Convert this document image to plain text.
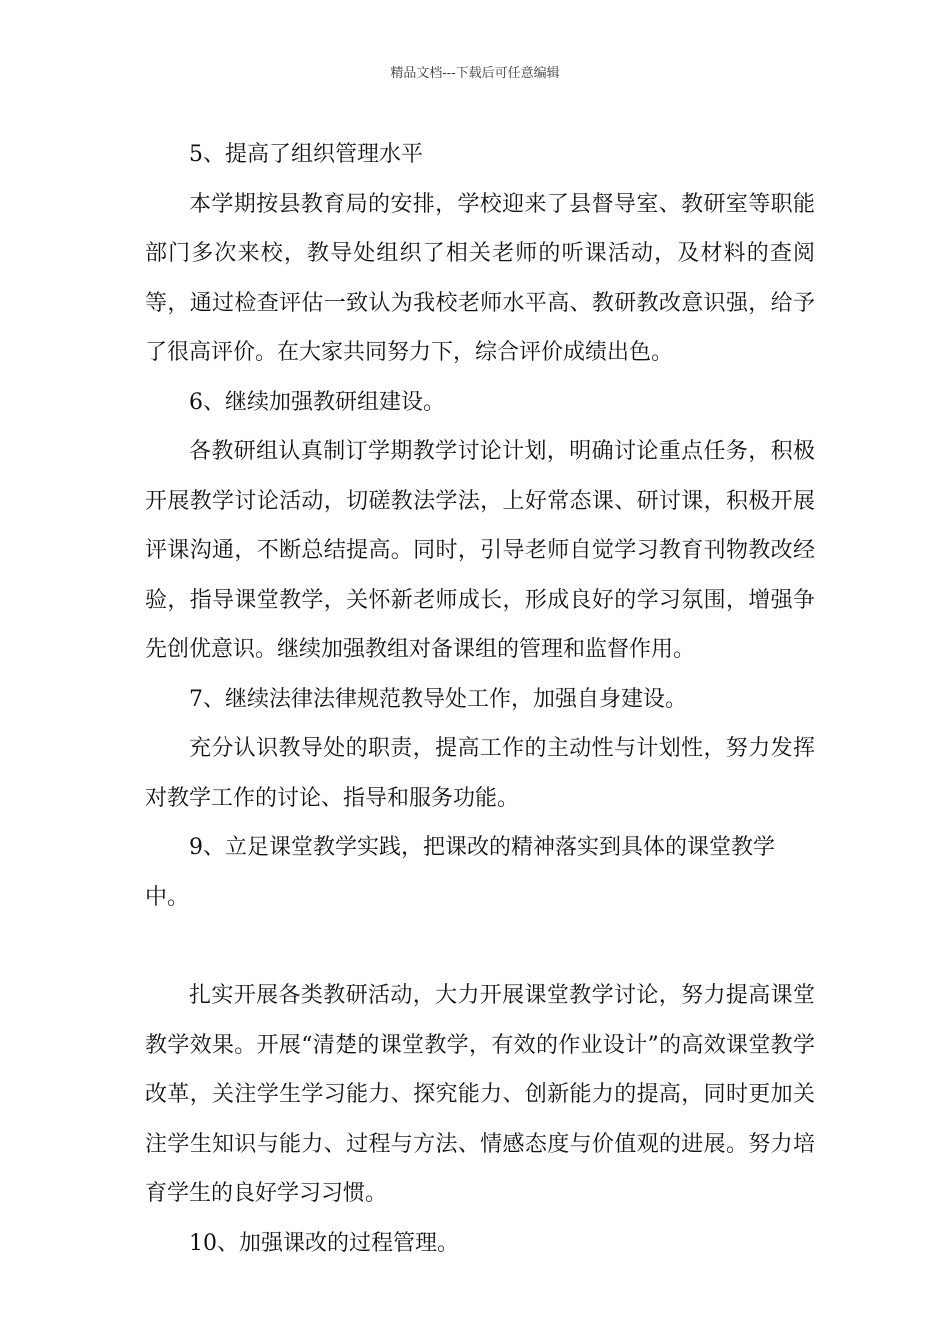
精品文档---下载后可任意编辑

5、提高了组织管理水平

本学期按县教育局的安排，学校迎来了县督导室、教研室等职能部门多次来校，教导处组织了相关老师的听课活动，及材料的查阅等，通过检查评估一致认为我校老师水平高、教研教改意识强，给予了很高评价。在大家共同努力下，综合评价成绩出色。

6、继续加强教研组建设。

各教研组认真制订学期教学讨论计划，明确讨论重点任务，积极开展教学讨论活动，切磋教法学法，上好常态课、研讨课，积极开展评课沟通，不断总结提高。同时，引导老师自觉学习教育刊物教改经验，指导课堂教学，关怀新老师成长，形成良好的学习氛围，增强争先创优意识。继续加强教组对备课组的管理和监督作用。

7、继续法律法律规范教导处工作，加强自身建设。

充分认识教导处的职责，提高工作的主动性与计划性，努力发挥对教学工作的讨论、指导和服务功能。

9、立足课堂教学实践，把课改的精神落实到具体的课堂教学中。

扎实开展各类教研活动，大力开展课堂教学讨论，努力提高课堂教学效果。开展“清楚的课堂教学，有效的作业设计”的高效课堂教学改革，关注学生学习能力、探究能力、创新能力的提高，同时更加关注学生知识与能力、过程与方法、情感态度与价值观的进展。努力培育学生的良好学习习惯。

10、加强课改的过程管理。
